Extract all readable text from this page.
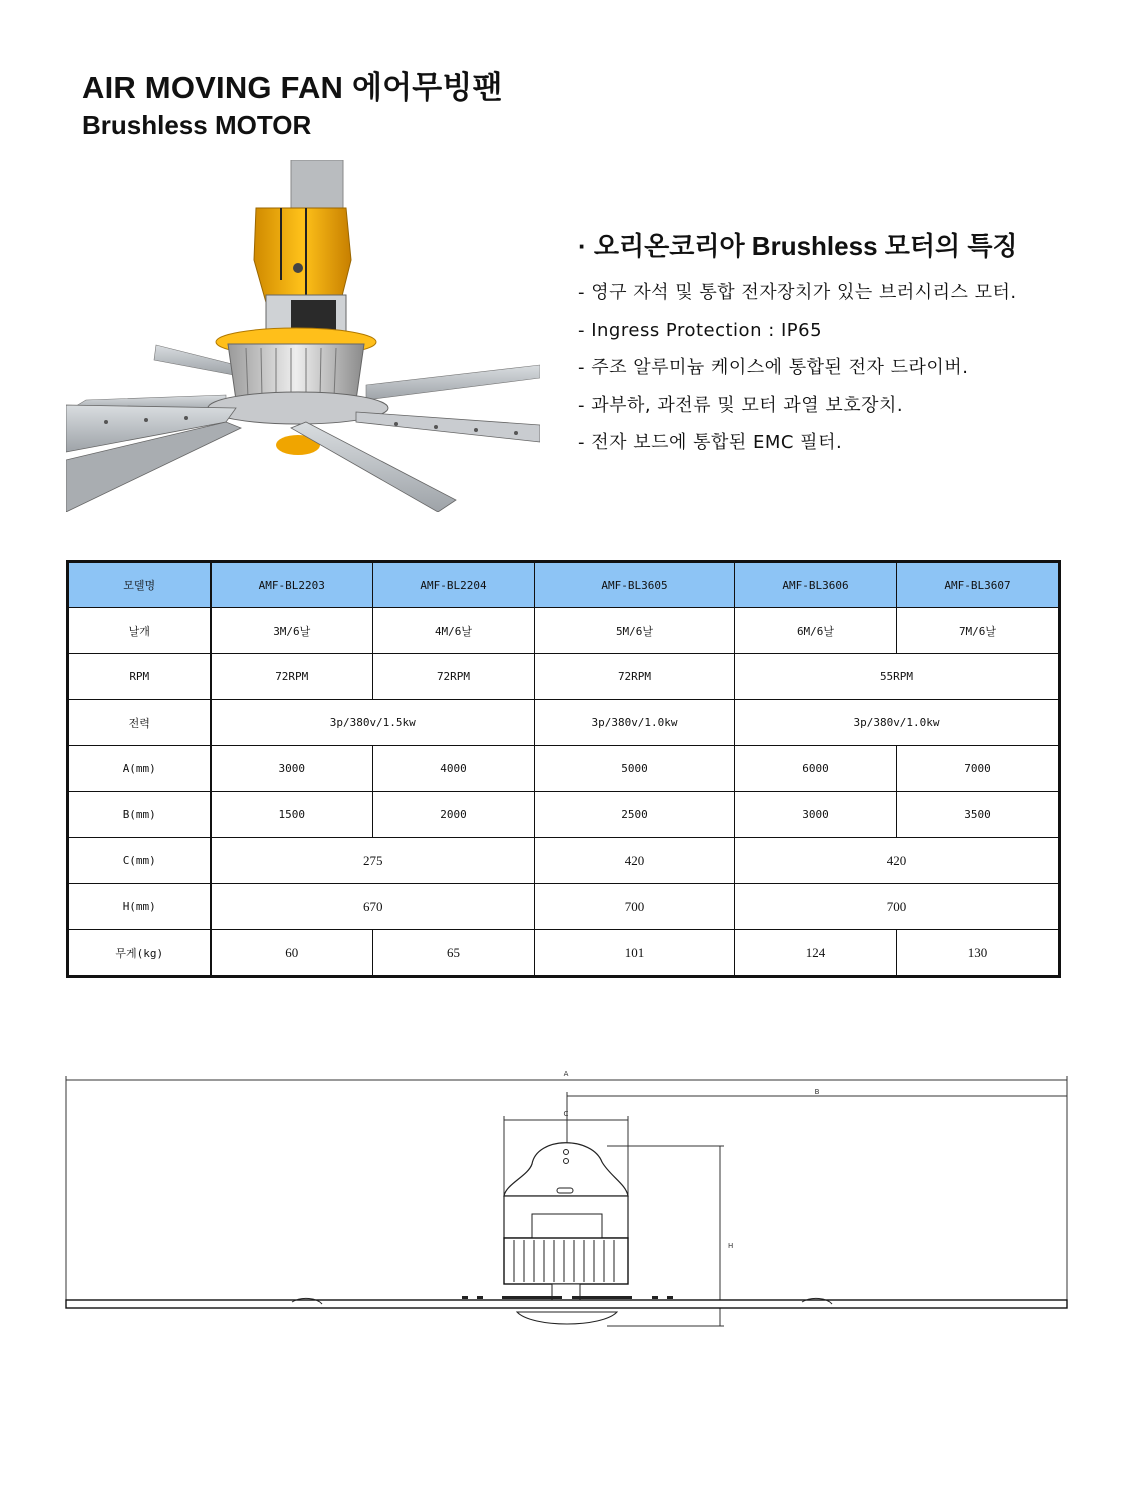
AIR MOVING FAN 에어무빙팬
Brushless MOTOR

· 오리온코리아 Brushless 모터의 특징

- 영구 자석 및 통합 전자장치가 있는 브러시리스 모터.
- Ingress Protection : IP65
- 주조 알루미늄 케이스에 통합된 전자 드라이버.
- 과부하, 과전류 및 모터 과열 보호장치.
- 전자 보드에 통합된 EMC 필터.
모델명	AMF-BL2203	AMF-BL2204	AMF-BL3605	AMF-BL3606	AMF-BL3607
날개	3M/6날	4M/6날	5M/6날	6M/6날	7M/6날
RPM	72RPM	72RPM	72RPM	55RPM	
전력	3p/380v/1.5kw		3p/380v/1.0kw	3p/380v/1.0kw	
A(mm)	3000	4000	5000	6000	7000
B(mm)	1500	2000	2500	3000	3500
C(mm)	275		420	420	
H(mm)	670		700	700	
무게(kg)	60	65	101	124	130
A
B
C
H
